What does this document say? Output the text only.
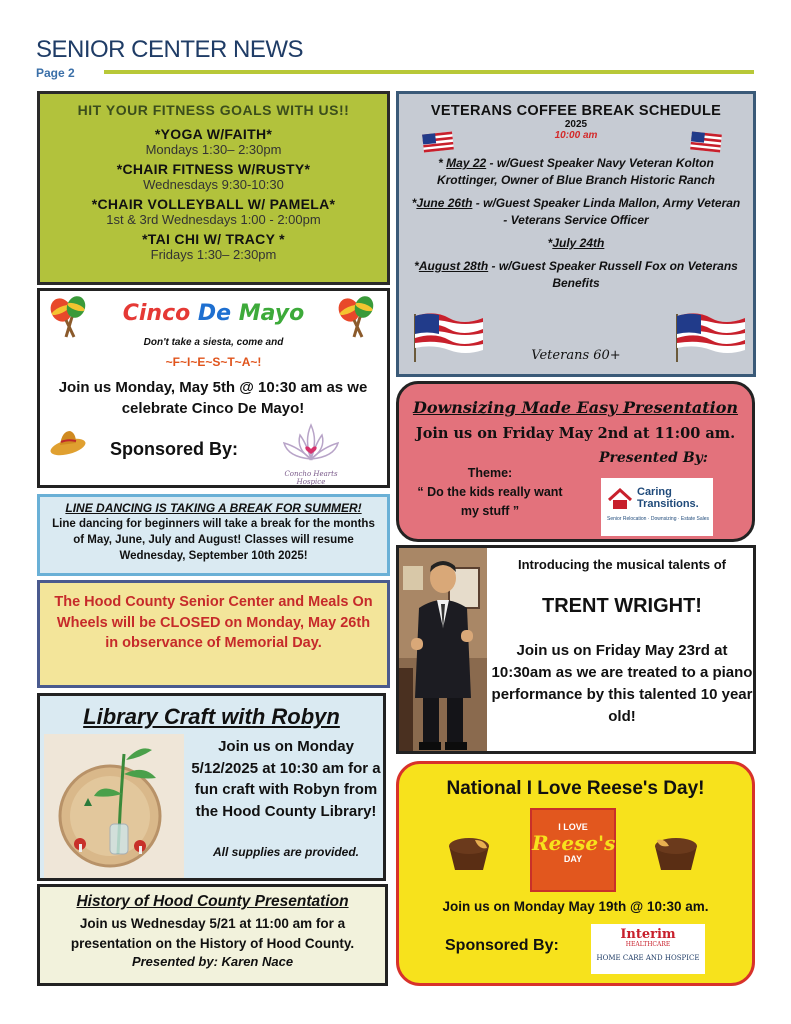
SENIOR CENTER NEWS
Page 2
HIT YOUR FITNESS GOALS WITH US!!
*YOGA W/FAITH*
Mondays 1:30– 2:30pm
*CHAIR FITNESS W/RUSTY*
Wednesdays 9:30-10:30
*CHAIR VOLLEYBALL W/ PAMELA*
1st & 3rd Wednesdays 1:00 - 2:00pm
*TAI CHI W/ TRACY *
Fridays 1:30– 2:30pm
VETERANS COFFEE BREAK SCHEDULE
2025
10:00 am
* May 22 - w/Guest Speaker Navy Veteran Kolton Krottinger, Owner of Blue Branch Historic Ranch
*June 26th - w/Guest Speaker Linda Mallon, Army Veteran - Veterans Service Officer
*July 24th
*August 28th - w/Guest Speaker Russell Fox on Veterans Benefits
Veterans 60+
Cinco De Mayo
Don't take a siesta, come and
~F~I~E~S~T~A~!
Join us Monday, May 5th @ 10:30 am as we celebrate Cinco De Mayo!
Sponsored By:
Concho Hearts Hospice
Downsizing Made Easy Presentation
Join us on Friday May 2nd at 11:00 am.
Presented By:
Theme:
“ Do the kids really want my stuff ”
Caring Transitions.
Senior Relocation · Downsizing · Estate Sales
LINE DANCING IS TAKING A BREAK FOR SUMMER!
Line dancing for beginners will take a break for the months of May, June, July and August! Classes will resume Wednesday, September 10th 2025!
The Hood County Senior Center and Meals On Wheels will be CLOSED on Monday, May 26th in observance of Memorial Day.
Introducing the musical talents of
TRENT WRIGHT!
Join us on Friday May 23rd at 10:30am as we are treated to a piano performance by this talented 10 year old!
Library Craft with Robyn
Join us on Monday 5/12/2025 at 10:30 am for a fun craft with Robyn from the Hood County Library!
All supplies are provided.
History of Hood County Presentation
Join us Wednesday 5/21 at 11:00 am for a presentation on the History of Hood County.
Presented by: Karen Nace
National I Love Reese's Day!
I LOVE
Reese's
DAY
Join us on Monday May 19th @ 10:30 am.
Sponsored By:
Interim
HEALTHCARE
HOME CARE AND HOSPICE
